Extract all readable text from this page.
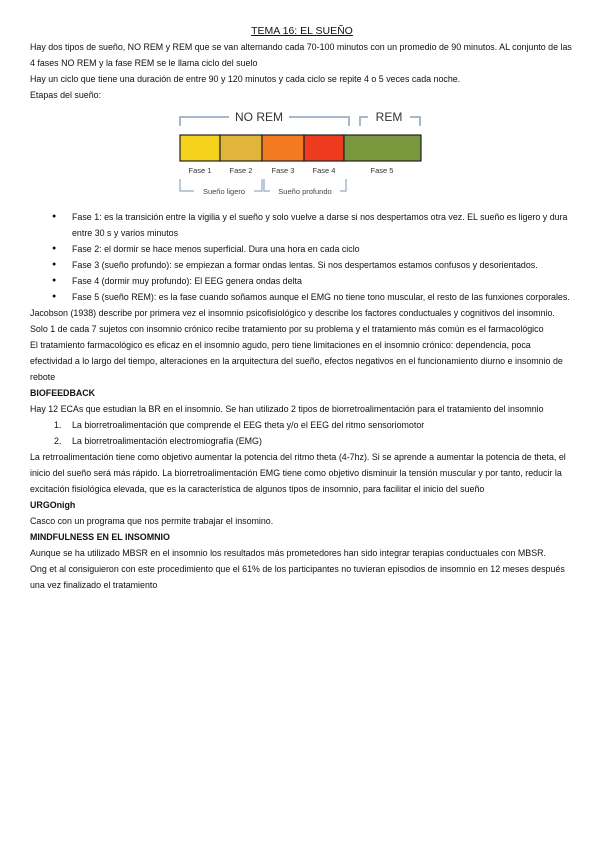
TEMA 16: EL SUEÑO

Hay dos tipos de sueño, NO REM y REM que se van alternando cada 70-100 minutos con un promedio de 90 minutos. AL conjunto de las 4 fases NO REM y la fase REM se le llama ciclo del suelo

Hay un ciclo que tiene una duración de entre 90 y 120 minutos y cada ciclo se repite 4 o 5 veces cada noche.

Etapas del sueño:

NO REM	REM
Fase 1 Fase 2	Fase 3 Fase 4	Fase 5
Sueño ligero	Sueño profundo
● Fase 1: es la transición entre la vigilia y el sueño y solo vuelve a darse si nos despertamos otra vez. EL sueño es ligero y dura entre 30 s y varios minutos
● Fase 2: el dormir se hace menos superficial. Dura una hora en cada ciclo
● Fase 3 (sueño profundo): se empiezan a formar ondas lentas. Si nos despertamos estamos confusos y desorientados.
● Fase 4 (dormir muy profundo): El EEG genera ondas delta
● Fase 5 (sueño REM): es la fase cuando soñamos aunque el EMG no tiene tono muscular, el resto de las funxiones corporales.

Jacobson (1938) describe por primera vez el insomnio psicofisiológico y describe los factores conductuales y cognitivos del insomnio.

Solo 1 de cada 7 sujetos con insomnio crónico recibe tratamiento por su problema y el tratamiento más común es el farmacológico

El tratamiento farmacológico es eficaz en el insomnio agudo, pero tiene limitaciones en el insomnio crónico: dependencia, poca efectividad a lo largo del tiempo, alteraciones en la arquitectura del sueño, efectos negativos en el funcionamiento diurno e insomnio de rebote

BIOFEEDBACK

Hay 12 ECAs que estudian la BR en el insomnio. Se han utilizado 2 tipos de biorretroalimentación para el tratamiento del insomnio

1. La biorretroalimentación que comprende el EEG theta y/o el EEG del ritmo sensoriomotor
2. La biorretroalimentación electromiografía (EMG)

La retrroalimentación tiene como objetivo aumentar la potencia del ritmo theta (4-7hz). Si se aprende a aumentar la potencia de theta, el inicio del sueño será más rápido. La biorretroalimentación EMG tiene como objetivo disminuir la tensión muscular y por tanto, reducir la excitación fisiológica elevada, que es la característica de algunos tipos de insomnio, para facilitar el inicio del sueño

URGOnigh

Casco con un programa que nos permite trabajar el insomino.

MINDFULNESS EN EL INSOMNIO

Aunque se ha utilizado MBSR en el insomnio los resultados más prometedores han sido integrar terapias conductuales con MBSR.

Ong et al consiguieron con este procedimiento que el 61% de los participantes no tuvieran episodios de insomnio en 12 meses después una vez finalizado el tratamiento
